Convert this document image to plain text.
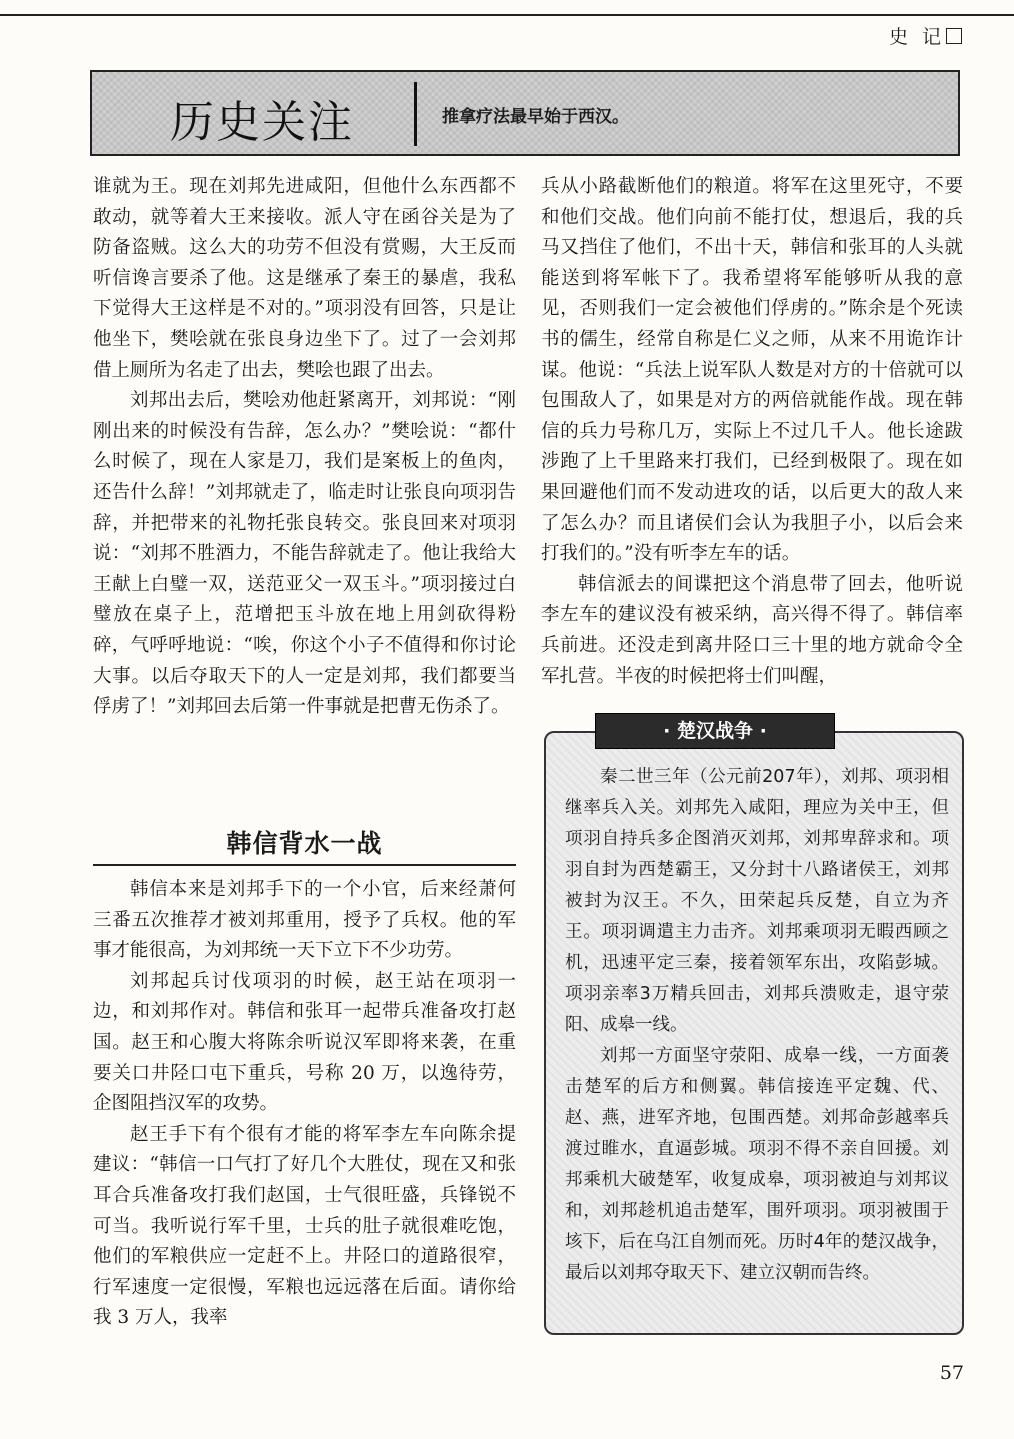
史 记
历史关注	推拿疗法最早始于西汉。

谁就为王。现在刘邦先进咸阳，但他什么东西都不敢动，就等着大王来接收。派人守在函谷关是为了防备盗贼。这么大的功劳不但没有赏赐，大王反而听信谗言要杀了他。这是继承了秦王的暴虐，我私下觉得大王这样是不对的。”项羽没有回答，只是让他坐下，樊哙就在张良身边坐下了。过了一会刘邦借上厕所为名走了出去，樊哙也跟了出去。

刘邦出去后，樊哙劝他赶紧离开，刘邦说：“刚刚出来的时候没有告辞，怎么办？”樊哙说：“都什么时候了，现在人家是刀，我们是案板上的鱼肉，还告什么辞！”刘邦就走了，临走时让张良向项羽告辞，并把带来的礼物托张良转交。张良回来对项羽说：“刘邦不胜酒力，不能告辞就走了。他让我给大王献上白璧一双，送范亚父一双玉斗。”项羽接过白璧放在桌子上，范增把玉斗放在地上用剑砍得粉碎，气呼呼地说：“唉，你这个小子不值得和你讨论大事。以后夺取天下的人一定是刘邦，我们都要当俘虏了！”刘邦回去后第一件事就是把曹无伤杀了。

韩信背水一战

韩信本来是刘邦手下的一个小官，后来经萧何三番五次推荐才被刘邦重用，授予了兵权。他的军事才能很高，为刘邦统一天下立下不少功劳。

刘邦起兵讨伐项羽的时候，赵王站在项羽一边，和刘邦作对。韩信和张耳一起带兵准备攻打赵国。赵王和心腹大将陈余听说汉军即将来袭，在重要关口井陉口屯下重兵，号称 20 万，以逸待劳，企图阻挡汉军的攻势。

赵王手下有个很有才能的将军李左车向陈余提建议：“韩信一口气打了好几个大胜仗，现在又和张耳合兵准备攻打我们赵国，士气很旺盛，兵锋锐不可当。我听说行军千里，士兵的肚子就很难吃饱，他们的军粮供应一定赶不上。井陉口的道路很窄，行军速度一定很慢，军粮也远远落在后面。请你给我 3 万人，我率

兵从小路截断他们的粮道。将军在这里死守，不要和他们交战。他们向前不能打仗，想退后，我的兵马又挡住了他们，不出十天，韩信和张耳的人头就能送到将军帐下了。我希望将军能够听从我的意见，否则我们一定会被他们俘虏的。”陈余是个死读书的儒生，经常自称是仁义之师，从来不用诡诈计谋。他说：“兵法上说军队人数是对方的十倍就可以包围敌人了，如果是对方的两倍就能作战。现在韩信的兵力号称几万，实际上不过几千人。他长途跋涉跑了上千里路来打我们，已经到极限了。现在如果回避他们而不发动进攻的话，以后更大的敌人来了怎么办？而且诸侯们会认为我胆子小，以后会来打我们的。”没有听李左车的话。

韩信派去的间谍把这个消息带了回去，他听说李左车的建议没有被采纳，高兴得不得了。韩信率兵前进。还没走到离井陉口三十里的地方就命令全军扎营。半夜的时候把将士们叫醒，

· 楚汉战争 ·

秦二世三年（公元前207年），刘邦、项羽相继率兵入关。刘邦先入咸阳，理应为关中王，但项羽自持兵多企图消灭刘邦，刘邦卑辞求和。项羽自封为西楚霸王，又分封十八路诸侯王，刘邦被封为汉王。不久，田荣起兵反楚，自立为齐王。项羽调遣主力击齐。刘邦乘项羽无暇西顾之机，迅速平定三秦，接着领军东出，攻陷彭城。项羽亲率3万精兵回击，刘邦兵溃败走，退守荥阳、成皋一线。

刘邦一方面坚守荥阳、成皋一线，一方面袭击楚军的后方和侧翼。韩信接连平定魏、代、赵、燕，进军齐地，包围西楚。刘邦命彭越率兵渡过睢水，直逼彭城。项羽不得不亲自回援。刘邦乘机大破楚军，收复成皋，项羽被迫与刘邦议和，刘邦趁机追击楚军，围歼项羽。项羽被围于垓下，后在乌江自刎而死。历时4年的楚汉战争，最后以刘邦夺取天下、建立汉朝而告终。

57
